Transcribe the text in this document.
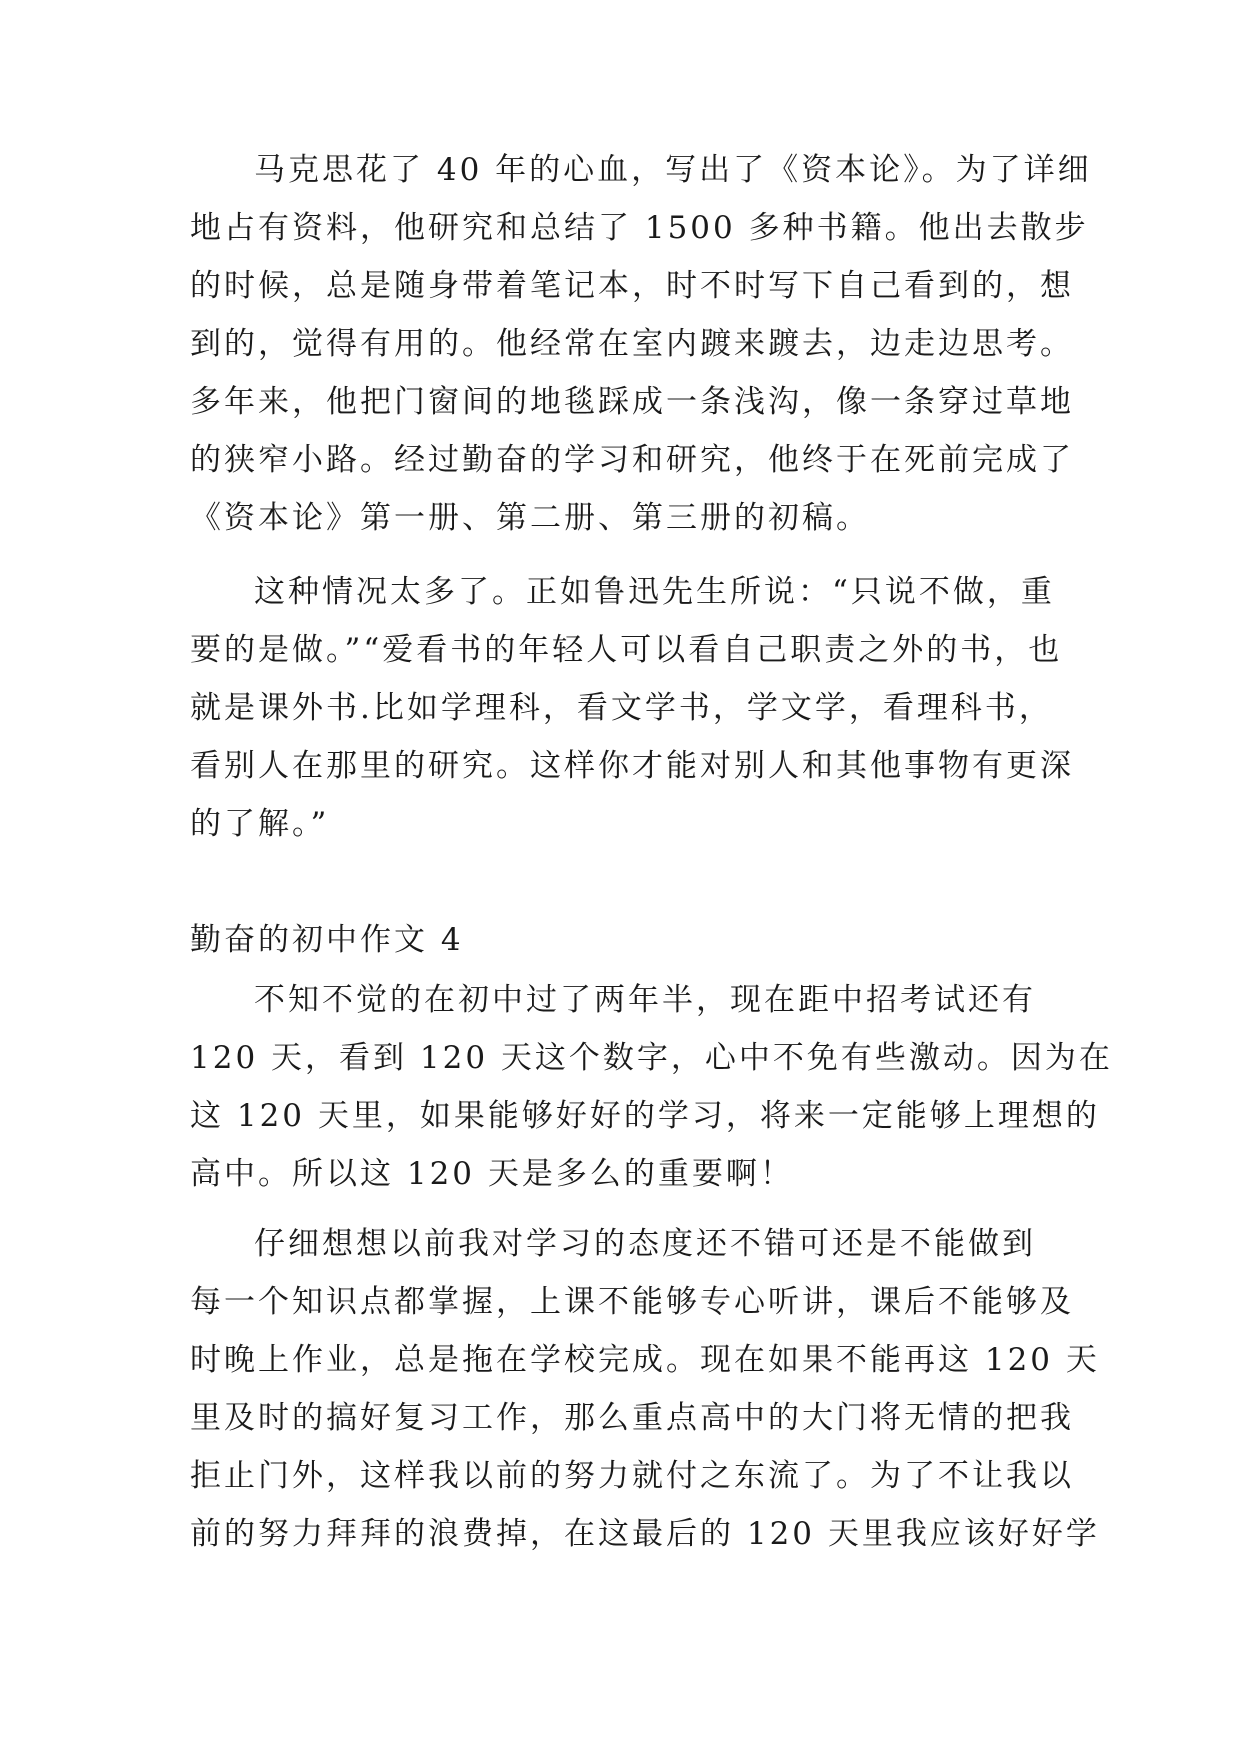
马克思花了 40 年的心血，写出了《资本论》。为了详细
地占有资料，他研究和总结了 1500 多种书籍。他出去散步
的时候，总是随身带着笔记本，时不时写下自己看到的，想
到的，觉得有用的。他经常在室内踱来踱去，边走边思考。
多年来，他把门窗间的地毯踩成一条浅沟，像一条穿过草地
的狭窄小路。经过勤奋的学习和研究，他终于在死前完成了
《资本论》第一册、第二册、第三册的初稿。
这种情况太多了。正如鲁迅先生所说：“只说不做，重
要的是做。”“爱看书的年轻人可以看自己职责之外的书，也
就是课外书.比如学理科，看文学书，学文学，看理科书，
看别人在那里的研究。这样你才能对别人和其他事物有更深
的了解。”
勤奋的初中作文 4
不知不觉的在初中过了两年半，现在距中招考试还有
120 天，看到 120 天这个数字，心中不免有些激动。因为在
这 120 天里，如果能够好好的学习，将来一定能够上理想的
高中。所以这 120 天是多么的重要啊！
仔细想想以前我对学习的态度还不错可还是不能做到
每一个知识点都掌握，上课不能够专心听讲，课后不能够及
时晚上作业，总是拖在学校完成。现在如果不能再这 120 天
里及时的搞好复习工作，那么重点高中的大门将无情的把我
拒止门外，这样我以前的努力就付之东流了。为了不让我以
前的努力拜拜的浪费掉，在这最后的 120 天里我应该好好学
